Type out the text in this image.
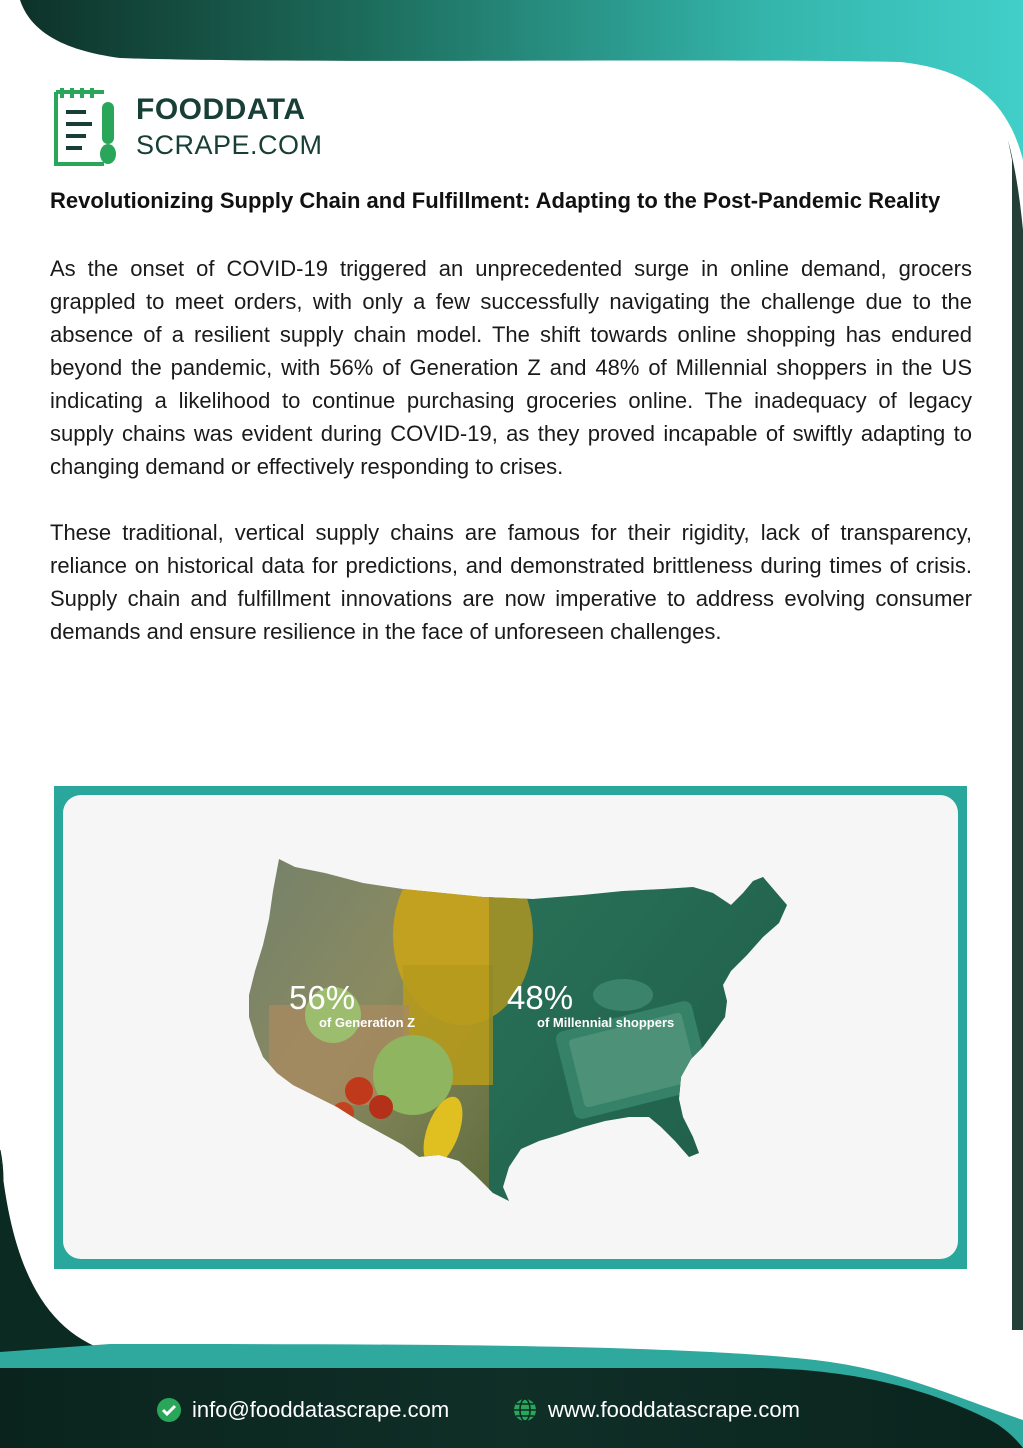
FOODDATA
SCRAPE.COM
Revolutionizing Supply Chain and Fulfillment: Adapting to the Post-Pandemic Reality

As the onset of COVID-19 triggered an unprecedented surge in online demand, grocers grappled to meet orders, with only a few successfully navigating the challenge due to the absence of a resilient supply chain model. The shift towards online shopping has endured beyond the pandemic, with 56% of Generation Z and 48% of Millennial shoppers in the US indicating a likelihood to continue purchasing groceries online. The inadequacy of legacy supply chains was evident during COVID-19, as they proved incapable of swiftly adapting to changing demand or effectively responding to crises.

These traditional, vertical supply chains are famous for their rigidity, lack of transparency, reliance on historical data for predictions, and demonstrated brittleness during times of crisis. Supply chain and fulfillment innovations are now imperative to address evolving consumer demands and ensure resilience in the face of unforeseen challenges.

56%
of Generation Z
48%
of Millennial shoppers
info@fooddatascrape.com	www.fooddatascrape.com
